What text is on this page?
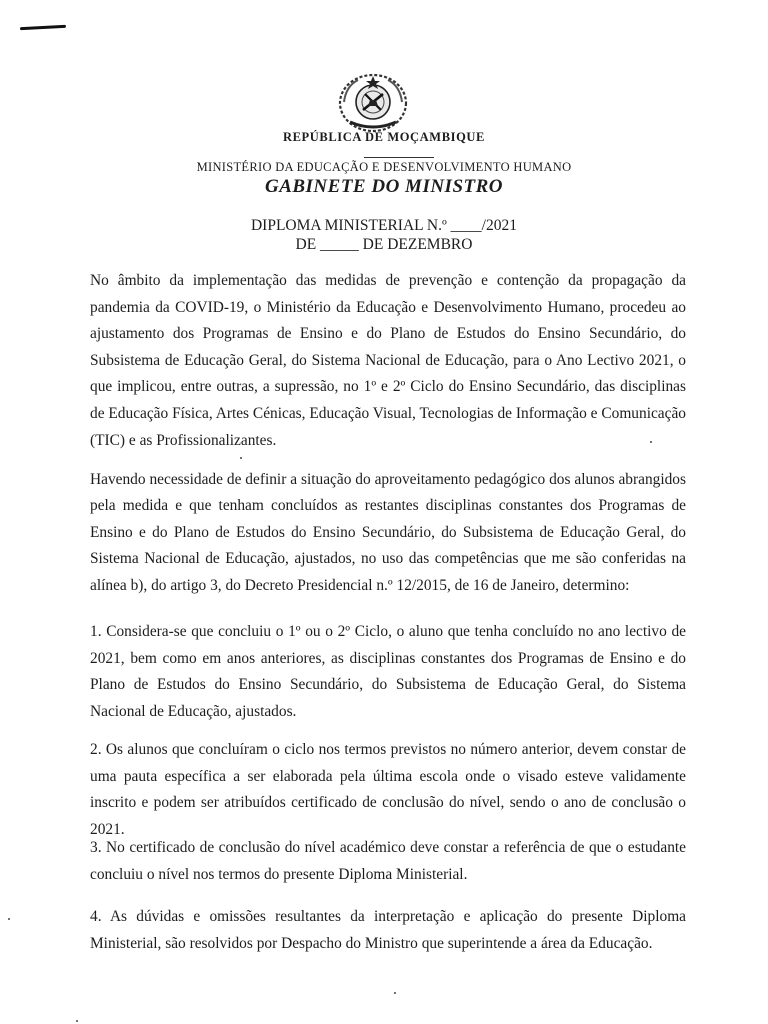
REPÚBLICA DE MOÇAMBIQUE
MINISTÉRIO DA EDUCAÇÃO E DESENVOLVIMENTO HUMANO
GABINETE DO MINISTRO
DIPLOMA MINISTERIAL N.º ____/2021
DE _____ DE DEZEMBRO

No âmbito da implementação das medidas de prevenção e contenção da propagação da pandemia da COVID-19, o Ministério da Educação e Desenvolvimento Humano, procedeu ao ajustamento dos Programas de Ensino e do Plano de Estudos do Ensino Secundário, do Subsistema de Educação Geral, do Sistema Nacional de Educação, para o Ano Lectivo 2021, o que implicou, entre outras, a supressão, no 1º e 2º Ciclo do Ensino Secundário, das disciplinas de Educação Física, Artes Cénicas, Educação Visual, Tecnologias de Informação e Comunicação (TIC) e as Profissionalizantes.

Havendo necessidade de definir a situação do aproveitamento pedagógico dos alunos abrangidos pela medida e que tenham concluídos as restantes disciplinas constantes dos Programas de Ensino e do Plano de Estudos do Ensino Secundário, do Subsistema de Educação Geral, do Sistema Nacional de Educação, ajustados, no uso das competências que me são conferidas na alínea b), do artigo 3, do Decreto Presidencial n.º 12/2015, de 16 de Janeiro, determino:

1. Considera-se que concluiu o 1º ou o 2º Ciclo, o aluno que tenha concluído no ano lectivo de 2021, bem como em anos anteriores, as disciplinas constantes dos Programas de Ensino e do Plano de Estudos do Ensino Secundário, do Subsistema de Educação Geral, do Sistema Nacional de Educação, ajustados.

2. Os alunos que concluíram o ciclo nos termos previstos no número anterior, devem constar de uma pauta específica a ser elaborada pela última escola onde o visado esteve validamente inscrito e podem ser atribuídos certificado de conclusão do nível, sendo o ano de conclusão o 2021.

3. No certificado de conclusão do nível académico deve constar a referência de que o estudante concluiu o nível nos termos do presente Diploma Ministerial.

4. As dúvidas e omissões resultantes da interpretação e aplicação do presente Diploma Ministerial, são resolvidos por Despacho do Ministro que superintende a área da Educação.
